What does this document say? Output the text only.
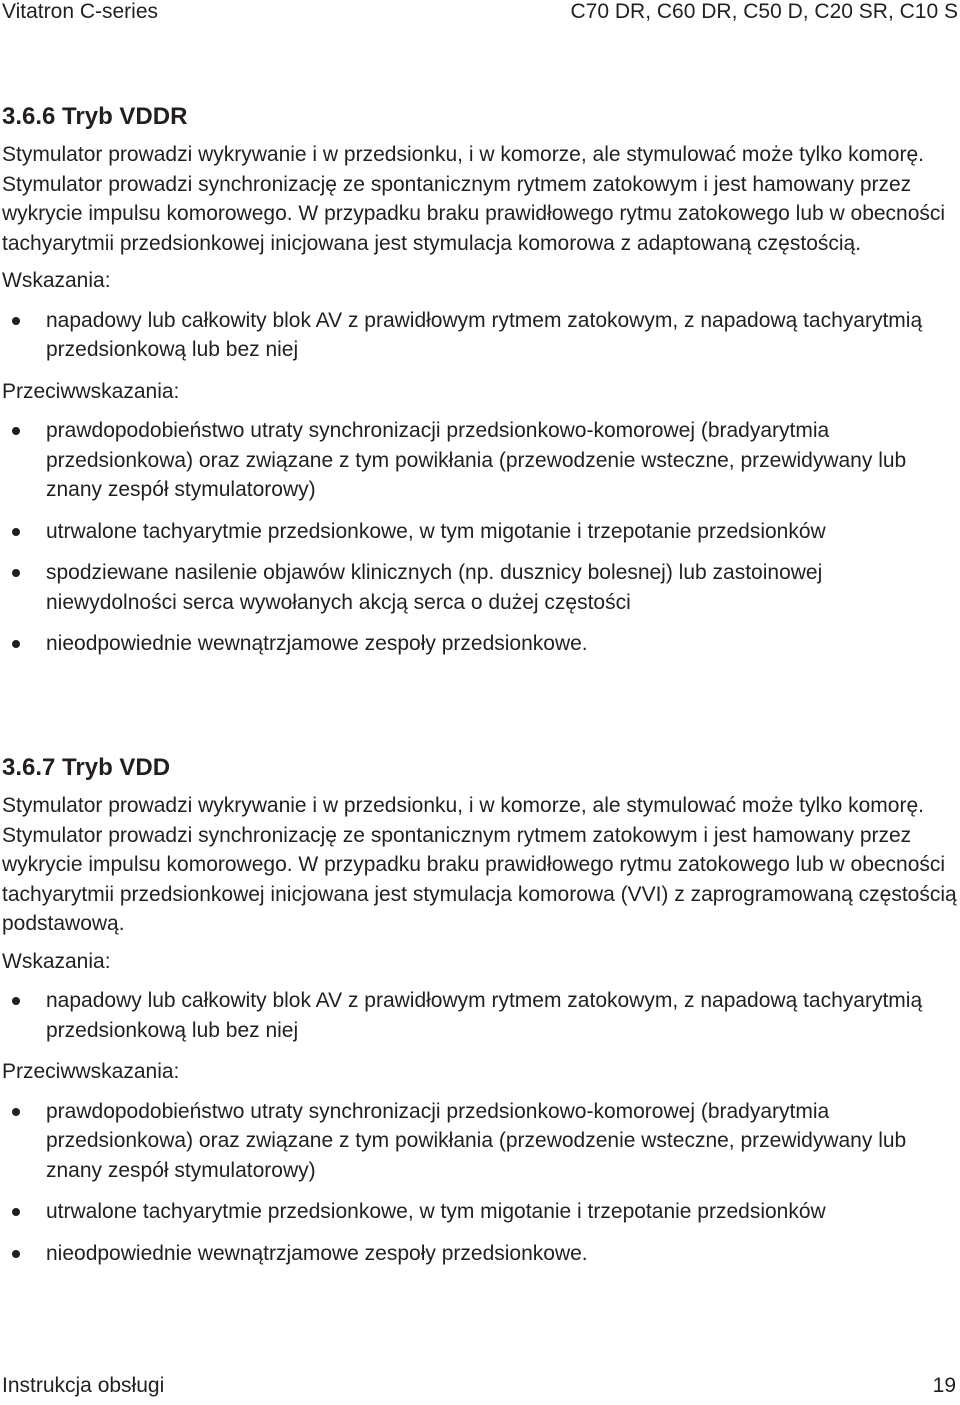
Vitatron C-series	C70 DR, C60 DR, C50 D, C20 SR, C10 S
3.6.6 Tryb VDDR

Stymulator prowadzi wykrywanie i w przedsionku, i w komorze, ale stymulować może tylko komorę. Stymulator prowadzi synchronizację ze spontanicznym rytmem zatokowym i jest hamowany przez wykrycie impulsu komorowego. W przypadku braku prawidłowego rytmu zatokowego lub w obecności tachyarytmii przedsionkowej inicjowana jest stymulacja komorowa z adaptowaną częstością.

Wskazania:

napadowy lub całkowity blok AV z prawidłowym rytmem zatokowym, z napadową tachyarytmią przedsionkową lub bez niej

Przeciwwskazania:

prawdopodobieństwo utraty synchronizacji przedsionkowo-komorowej (bradyarytmia przedsionkowa) oraz związane z tym powikłania (przewodzenie wsteczne, przewidywany lub znany zespół stymulatorowy)
utrwalone tachyarytmie przedsionkowe, w tym migotanie i trzepotanie przedsionków
spodziewane nasilenie objawów klinicznych (np. dusznicy bolesnej) lub zastoinowej niewydolności serca wywołanych akcją serca o dużej częstości
nieodpowiednie wewnątrzjamowe zespoły przedsionkowe.
3.6.7 Tryb VDD

Stymulator prowadzi wykrywanie i w przedsionku, i w komorze, ale stymulować może tylko komorę. Stymulator prowadzi synchronizację ze spontanicznym rytmem zatokowym i jest hamowany przez wykrycie impulsu komorowego. W przypadku braku prawidłowego rytmu zatokowego lub w obecności tachyarytmii przedsionkowej inicjowana jest stymulacja komorowa (VVI) z zaprogramowaną częstością podstawową.

Wskazania:

napadowy lub całkowity blok AV z prawidłowym rytmem zatokowym, z napadową tachyarytmią przedsionkową lub bez niej

Przeciwwskazania:

prawdopodobieństwo utraty synchronizacji przedsionkowo-komorowej (bradyarytmia przedsionkowa) oraz związane z tym powikłania (przewodzenie wsteczne, przewidywany lub znany zespół stymulatorowy)
utrwalone tachyarytmie przedsionkowe, w tym migotanie i trzepotanie przedsionków
nieodpowiednie wewnątrzjamowe zespoły przedsionkowe.
Instrukcja obsługi	19
